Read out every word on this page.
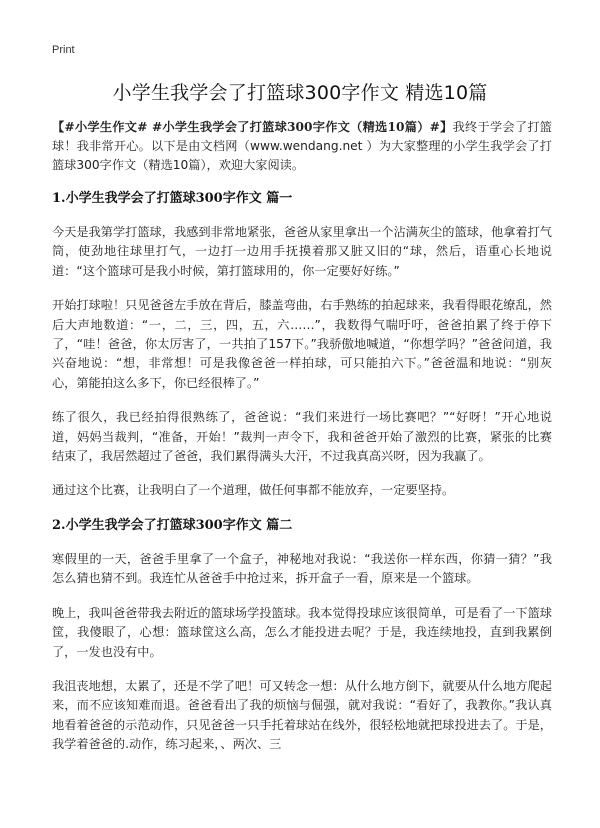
Print
小学生我学会了打篮球300字作文 精选10篇

【#小学生作文# #小学生我学会了打篮球300字作文（精选10篇）#】我终于学会了打篮球！我非常开心。以下是由文档网（www.wendang.net ）为大家整理的小学生我学会了打篮球300字作文（精选10篇），欢迎大家阅读。

1.小学生我学会了打篮球300字作文 篇一

今天是我第学打篮球，我感到非常地紧张，爸爸从家里拿出一个沾满灰尘的篮球，他拿着打气筒，使劲地往球里打气，一边打一边用手抚摸着那又脏又旧的“球，然后，语重心长地说道：“这个篮球可是我小时候，第打篮球用的，你一定要好好练。”

开始打球啦！只见爸爸左手放在背后，膝盖弯曲，右手熟练的拍起球来，我看得眼花缭乱，然后大声地数道：“一，二，三，四，五，六……”，我数得气喘吁吁，爸爸拍累了终于停下了，“哇！爸爸，你太厉害了，一共拍了157下。”我骄傲地喊道，“你想学吗？”爸爸问道，我兴奋地说：“想，非常想！可是我像爸爸一样拍球，可只能拍六下。”爸爸温和地说：“别灰心，第能拍这么多下，你已经很棒了。”

练了很久，我已经拍得很熟练了，爸爸说：“我们来进行一场比赛吧？”“好呀！”开心地说道，妈妈当裁判，“准备，开始！”裁判一声令下，我和爸爸开始了激烈的比赛，紧张的比赛结束了，我居然超过了爸爸，我们累得满头大汗，不过我真高兴呀，因为我赢了。

通过这个比赛，让我明白了一个道理，做任何事都不能放弃，一定要坚持。

2.小学生我学会了打篮球300字作文 篇二

寒假里的一天，爸爸手里拿了一个盒子，神秘地对我说：“我送你一样东西，你猜一猜？”我怎么猜也猜不到。我连忙从爸爸手中抢过来，拆开盒子一看，原来是一个篮球。

晚上，我叫爸爸带我去附近的篮球场学投篮球。我本觉得投球应该很简单，可是看了一下篮球筐，我傻眼了，心想：篮球筐这么高，怎么才能投进去呢？于是，我连续地投，直到我累倒了，一发也没有中。

我沮丧地想，太累了，还是不学了吧！可又转念一想：从什么地方倒下，就要从什么地方爬起来，而不应该知难而退。爸爸看出了我的烦恼与倔强，就对我说：“看好了，我教你。”我认真地看着爸爸的示范动作，只见爸爸一只手托着球站在线外，很轻松地就把球投进去了。于是，我学着爸爸的.动作，练习起来，、两次、三
